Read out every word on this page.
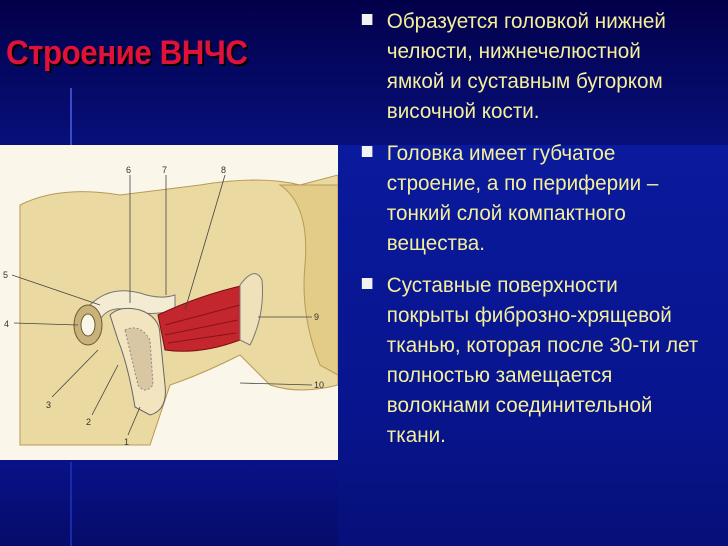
Строение ВНЧС
Образуется головкой нижней челюсти, нижнечелюстной ямкой и суставным бугорком височной кости.
Головка имеет губчатое строение, а по периферии – тонкий слой компактного вещества.
Суставные поверхности покрыты фиброзно-хрящевой тканью, которая после 30-ти лет полностью замещается волокнами соединительной ткани.
6	7	8
5
4
9
10
3
2
1
